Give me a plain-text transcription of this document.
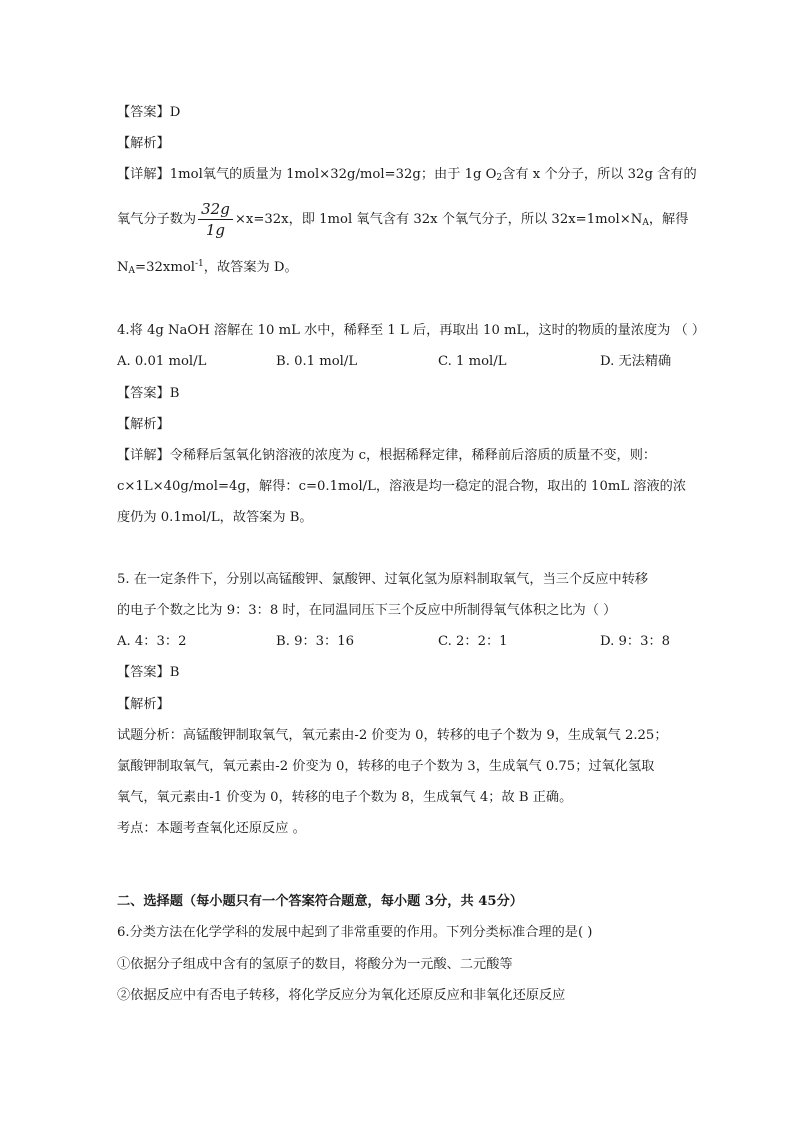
【答案】D
【解析】
【详解】1mol氧气的质量为 1mol×32g/mol=32g；由于 1g $O_2$含有 x 个分子，所以 32g 含有的
氧气分子数为 $\frac{32g}{1g} \times x=32x$，即 1mol 氧气含有 32x 个氧气分子，所以 $32x=1mol\times N_A$，解得
$N_A=32xmol^{-1}$，故答案为 D。
4.将 4g NaOH 溶解在 10 mL 水中，稀释至 1 L 后，再取出 10 mL，这时的物质的量浓度为 （ ）
A. 0.01 mol/L	B. 0.1 mol/L	C. 1 mol/L	D. 无法精确
【答案】B
【解析】
【详解】令稀释后氢氧化钠溶液的浓度为 c，根据稀释定律，稀释前后溶质的质量不变，则：
c×1L×40g/mol=4g，解得：c=0.1mol/L，溶液是均一稳定的混合物，取出的 10mL 溶液的浓
度仍为 0.1mol/L，故答案为 B。
5. 在一定条件下，分别以高锰酸钾、氯酸钾、过氧化氢为原料制取氧气，当三个反应中转移
的电子个数之比为 9：3：8 时，在同温同压下三个反应中所制得氧气体积之比为（ ）
A. 4：3：2	B. 9：3：16	C. 2：2：1	D. 9：3：8
【答案】B
【解析】
试题分析：高锰酸钾制取氧气，氧元素由-2 价变为 0，转移的电子个数为 9，生成氧气 2.25；
氯酸钾制取氧气，氧元素由-2 价变为 0，转移的电子个数为 3，生成氧气 0.75；过氧化氢取
氧气，氧元素由-1 价变为 0，转移的电子个数为 8，生成氧气 4；故 B 正确。
考点：本题考查氧化还原反应 。
二、选择题（每小题只有一个答案符合题意，每小题 3分，共 45分）
6.分类方法在化学学科的发展中起到了非常重要的作用。下列分类标准合理的是( )
①依据分子组成中含有的氢原子的数目，将酸分为一元酸、二元酸等
②依据反应中有否电子转移，将化学反应分为氧化还原反应和非氧化还原反应
